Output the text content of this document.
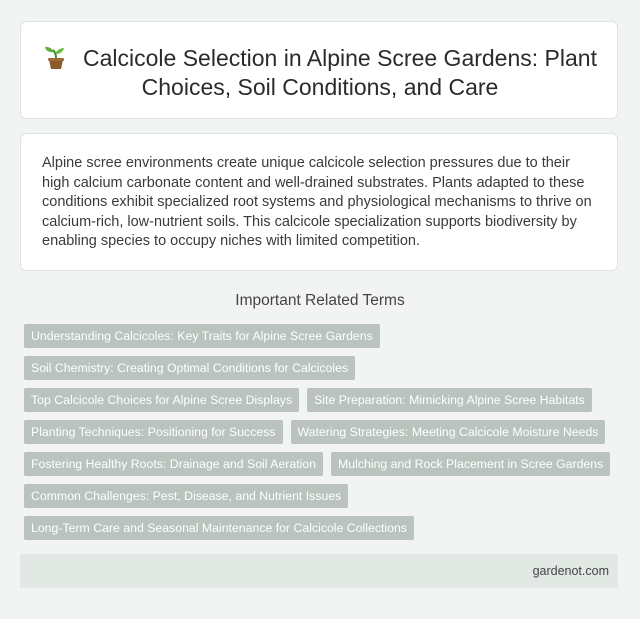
Calcicole Selection in Alpine Scree Gardens: Plant Choices, Soil Conditions, and Care
Alpine scree environments create unique calcicole selection pressures due to their high calcium carbonate content and well-drained substrates. Plants adapted to these conditions exhibit specialized root systems and physiological mechanisms to thrive on calcium-rich, low-nutrient soils. This calcicole specialization supports biodiversity by enabling species to occupy niches with limited competition.
Important Related Terms
Understanding Calcicoles: Key Traits for Alpine Scree Gardens
Soil Chemistry: Creating Optimal Conditions for Calcicoles
Top Calcicole Choices for Alpine Scree Displays	Site Preparation: Mimicking Alpine Scree Habitats
Planting Techniques: Positioning for Success	Watering Strategies: Meeting Calcicole Moisture Needs
Fostering Healthy Roots: Drainage and Soil Aeration	Mulching and Rock Placement in Scree Gardens
Common Challenges: Pest, Disease, and Nutrient Issues
Long-Term Care and Seasonal Maintenance for Calcicole Collections
gardenot.com
